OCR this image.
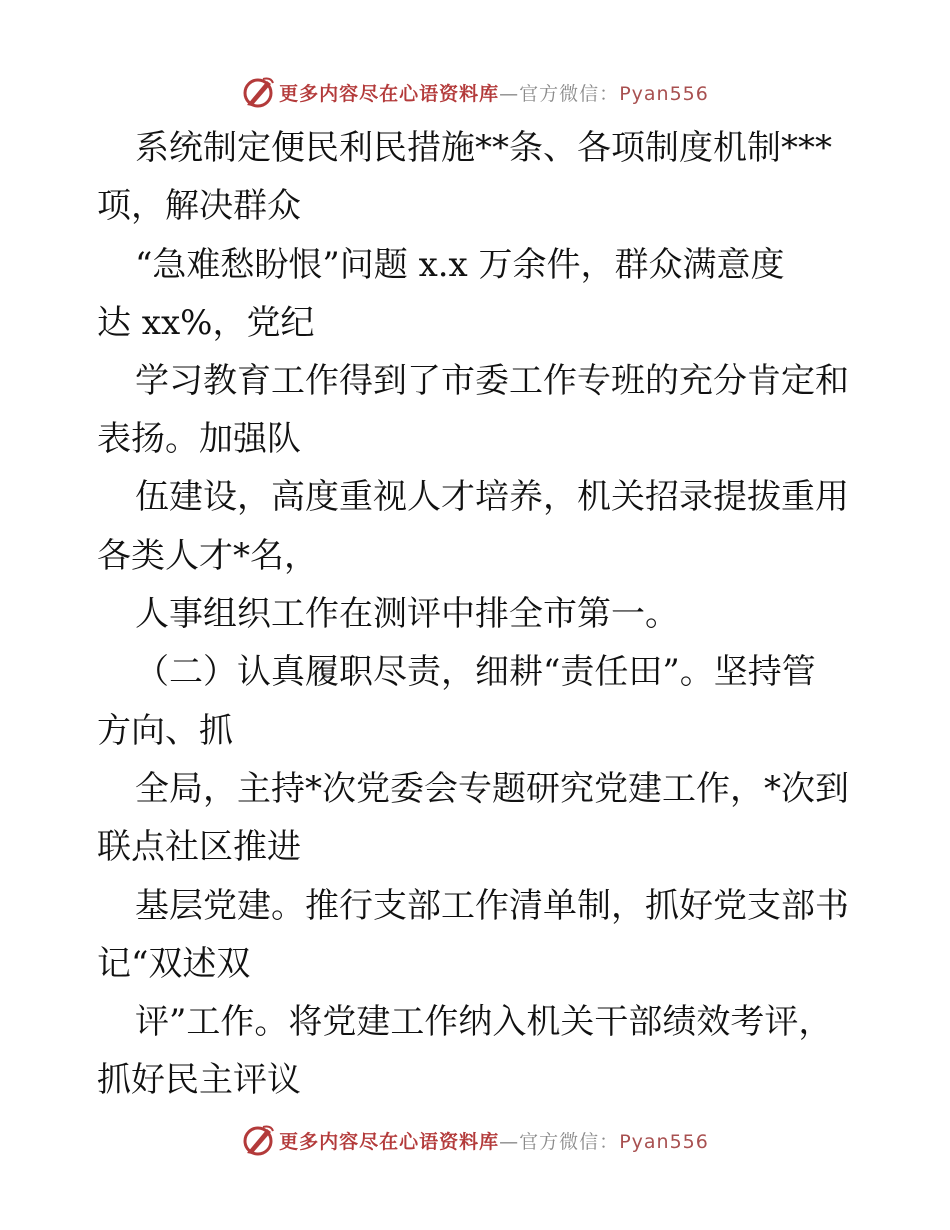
更多内容尽在心语资料库—官方微信：Pyan556
系统制定便民利民措施**条、各项制度机制***
项，解决群众
“急难愁盼恨”问题 x.x 万余件，群众满意度
达 xx%，党纪
学习教育工作得到了市委工作专班的充分肯定和
表扬。加强队
伍建设，高度重视人才培养，机关招录提拔重用
各类人才*名，
人事组织工作在测评中排全市第一。
（二）认真履职尽责，细耕“责任田”。坚持管
方向、抓
全局，主持*次党委会专题研究党建工作，*次到
联点社区推进
基层党建。推行支部工作清单制，抓好党支部书
记“双述双
评”工作。将党建工作纳入机关干部绩效考评，
抓好民主评议
更多内容尽在心语资料库—官方微信：Pyan556
